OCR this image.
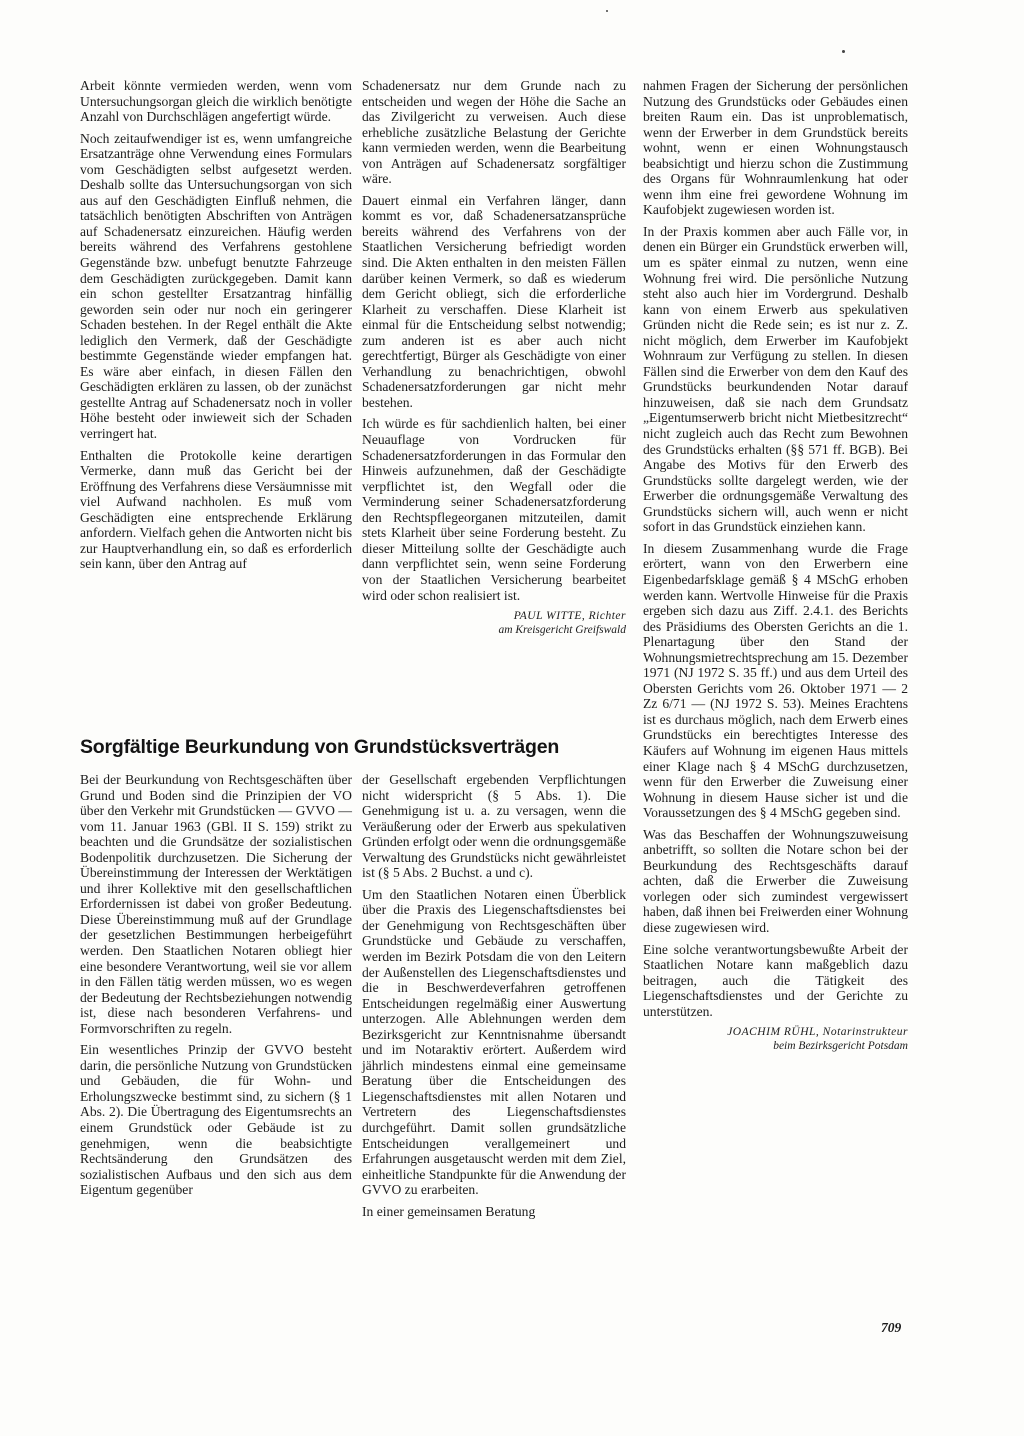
Arbeit könnte vermieden werden, wenn vom Untersuchungsorgan gleich die wirklich benötigte Anzahl von Durchschlägen angefertigt würde.

Noch zeitaufwendiger ist es, wenn umfangreiche Ersatzanträge ohne Verwendung eines Formulars vom Geschädigten selbst aufgesetzt werden. Deshalb sollte das Untersuchungsorgan von sich aus auf den Geschädigten Einfluß nehmen, die tatsächlich benötigten Abschriften von Anträgen auf Schadenersatz einzureichen. Häufig werden bereits während des Verfahrens gestohlene Gegenstände bzw. unbefugt benutzte Fahrzeuge dem Geschädigten zurückgegeben. Damit kann ein schon gestellter Ersatzantrag hinfällig geworden sein oder nur noch ein geringerer Schaden bestehen. In der Regel enthält die Akte lediglich den Vermerk, daß der Geschädigte bestimmte Gegenstände wieder empfangen hat. Es wäre aber einfach, in diesen Fällen den Geschädigten erklären zu lassen, ob der zunächst gestellte Antrag auf Schadenersatz noch in voller Höhe besteht oder inwieweit sich der Schaden verringert hat.

Enthalten die Protokolle keine derartigen Vermerke, dann muß das Gericht bei der Eröffnung des Verfahrens diese Versäumnisse mit viel Aufwand nachholen. Es muß vom Geschädigten eine entsprechende Erklärung anfordern. Vielfach gehen die Antworten nicht bis zur Hauptverhandlung ein, so daß es erforderlich sein kann, über den Antrag auf

Schadenersatz nur dem Grunde nach zu entscheiden und wegen der Höhe die Sache an das Zivilgericht zu verweisen. Auch diese erhebliche zusätzliche Belastung der Gerichte kann vermieden werden, wenn die Bearbeitung von Anträgen auf Schadenersatz sorgfältiger wäre.

Dauert einmal ein Verfahren länger, dann kommt es vor, daß Schadenersatzansprüche bereits während des Verfahrens von der Staatlichen Versicherung befriedigt worden sind. Die Akten enthalten in den meisten Fällen darüber keinen Vermerk, so daß es wiederum dem Gericht obliegt, sich die erforderliche Klarheit zu verschaffen. Diese Klarheit ist einmal für die Entscheidung selbst notwendig; zum anderen ist es aber auch nicht gerechtfertigt, Bürger als Geschädigte von einer Verhandlung zu benachrichtigen, obwohl Schadenersatzforderungen gar nicht mehr bestehen.

Ich würde es für sachdienlich halten, bei einer Neuauflage von Vordrucken für Schadenersatzforderungen in das Formular den Hinweis aufzunehmen, daß der Geschädigte verpflichtet ist, den Wegfall oder die Verminderung seiner Schadenersatzforderung den Rechtspflegeorganen mitzuteilen, damit stets Klarheit über seine Forderung besteht. Zu dieser Mitteilung sollte der Geschädigte auch dann verpflichtet sein, wenn seine Forderung von der Staatlichen Versicherung bearbeitet wird oder schon realisiert ist.

PAUL WITTE, Richter
am Kreisgericht Greifswald

nahmen Fragen der Sicherung der persönlichen Nutzung des Grundstücks oder Gebäudes einen breiten Raum ein. Das ist unproblematisch, wenn der Erwerber in dem Grundstück bereits wohnt, wenn er einen Wohnungstausch beabsichtigt und hierzu schon die Zustimmung des Organs für Wohnraumlenkung hat oder wenn ihm eine frei gewordene Wohnung im Kaufobjekt zugewiesen worden ist.

In der Praxis kommen aber auch Fälle vor, in denen ein Bürger ein Grundstück erwerben will, um es später einmal zu nutzen, wenn eine Wohnung frei wird. Die persönliche Nutzung steht also auch hier im Vordergrund. Deshalb kann von einem Erwerb aus spekulativen Gründen nicht die Rede sein; es ist nur z. Z. nicht möglich, dem Erwerber im Kaufobjekt Wohnraum zur Verfügung zu stellen. In diesen Fällen sind die Erwerber von dem den Kauf des Grundstücks beurkundenden Notar darauf hinzuweisen, daß sie nach dem Grundsatz „Eigentumserwerb bricht nicht Mietbesitzrecht“ nicht zugleich auch das Recht zum Bewohnen des Grundstücks erhalten (§§ 571 ff. BGB). Bei Angabe des Motivs für den Erwerb des Grundstücks sollte dargelegt werden, wie der Erwerber die ordnungsgemäße Verwaltung des Grundstücks sichern will, auch wenn er nicht sofort in das Grundstück einziehen kann.

In diesem Zusammenhang wurde die Frage erörtert, wann von den Erwerbern eine Eigenbedarfsklage gemäß § 4 MSchG erhoben werden kann. Wertvolle Hinweise für die Praxis ergeben sich dazu aus Ziff. 2.4.1. des Berichts des Präsidiums des Obersten Gerichts an die 1. Plenartagung über den Stand der Wohnungsmietrechtsprechung am 15. Dezember 1971 (NJ 1972 S. 35 ff.) und aus dem Urteil des Obersten Gerichts vom 26. Oktober 1971 — 2 Zz 6/71 — (NJ 1972 S. 53). Meines Erachtens ist es durchaus möglich, nach dem Erwerb eines Grundstücks ein berechtigtes Interesse des Käufers auf Wohnung im eigenen Haus mittels einer Klage nach § 4 MSchG durchzusetzen, wenn für den Erwerber die Zuweisung einer Wohnung in diesem Hause sicher ist und die Voraussetzungen des § 4 MSchG gegeben sind.

Was das Beschaffen der Wohnungszuweisung anbetrifft, so sollten die Notare schon bei der Beurkundung des Rechtsgeschäfts darauf achten, daß die Erwerber die Zuweisung vorlegen oder sich zumindest vergewissert haben, daß ihnen bei Freiwerden einer Wohnung diese zugewiesen wird.

Eine solche verantwortungsbewußte Arbeit der Staatlichen Notare kann maßgeblich dazu beitragen, auch die Tätigkeit des Liegenschaftsdienstes und der Gerichte zu unterstützen.

JOACHIM RÜHL, Notarinstrukteur
beim Bezirksgericht Potsdam

Sorgfältige Beurkundung von Grundstücksverträgen

Bei der Beurkundung von Rechtsgeschäften über Grund und Boden sind die Prinzipien der VO über den Verkehr mit Grundstücken — GVVO — vom 11. Januar 1963 (GBl. II S. 159) strikt zu beachten und die Grundsätze der sozialistischen Bodenpolitik durchzusetzen. Die Sicherung der Übereinstimmung der Interessen der Werktätigen und ihrer Kollektive mit den gesellschaftlichen Erfordernissen ist dabei von großer Bedeutung. Diese Übereinstimmung muß auf der Grundlage der gesetzlichen Bestimmungen herbeigeführt werden. Den Staatlichen Notaren obliegt hier eine besondere Verantwortung, weil sie vor allem in den Fällen tätig werden müssen, wo es wegen der Bedeutung der Rechtsbeziehungen notwendig ist, diese nach besonderen Verfahrens- und Formvorschriften zu regeln.

Ein wesentliches Prinzip der GVVO besteht darin, die persönliche Nutzung von Grundstücken und Gebäuden, die für Wohn- und Erholungszwecke bestimmt sind, zu sichern (§ 1 Abs. 2). Die Übertragung des Eigentumsrechts an einem Grundstück oder Gebäude ist zu genehmigen, wenn die beabsichtigte Rechtsänderung den Grundsätzen des sozialistischen Aufbaus und den sich aus dem Eigentum gegenüber

der Gesellschaft ergebenden Verpflichtungen nicht widerspricht (§ 5 Abs. 1). Die Genehmigung ist u. a. zu versagen, wenn die Veräußerung oder der Erwerb aus spekulativen Gründen erfolgt oder wenn die ordnungsgemäße Verwaltung des Grundstücks nicht gewährleistet ist (§ 5 Abs. 2 Buchst. a und c).

Um den Staatlichen Notaren einen Überblick über die Praxis des Liegenschaftsdienstes bei der Genehmigung von Rechtsgeschäften über Grundstücke und Gebäude zu verschaffen, werden im Bezirk Potsdam die von den Leitern der Außenstellen des Liegenschaftsdienstes und die in Beschwerdeverfahren getroffenen Entscheidungen regelmäßig einer Auswertung unterzogen. Alle Ablehnungen werden dem Bezirksgericht zur Kenntnisnahme übersandt und im Notaraktiv erörtert. Außerdem wird jährlich mindestens einmal eine gemeinsame Beratung über die Entscheidungen des Liegenschaftsdienstes mit allen Notaren und Vertretern des Liegenschaftsdienstes durchgeführt. Damit sollen grundsätzliche Entscheidungen verallgemeinert und Erfahrungen ausgetauscht werden mit dem Ziel, einheitliche Standpunkte für die Anwendung der GVVO zu erarbeiten.

In einer gemeinsamen Beratung

709
